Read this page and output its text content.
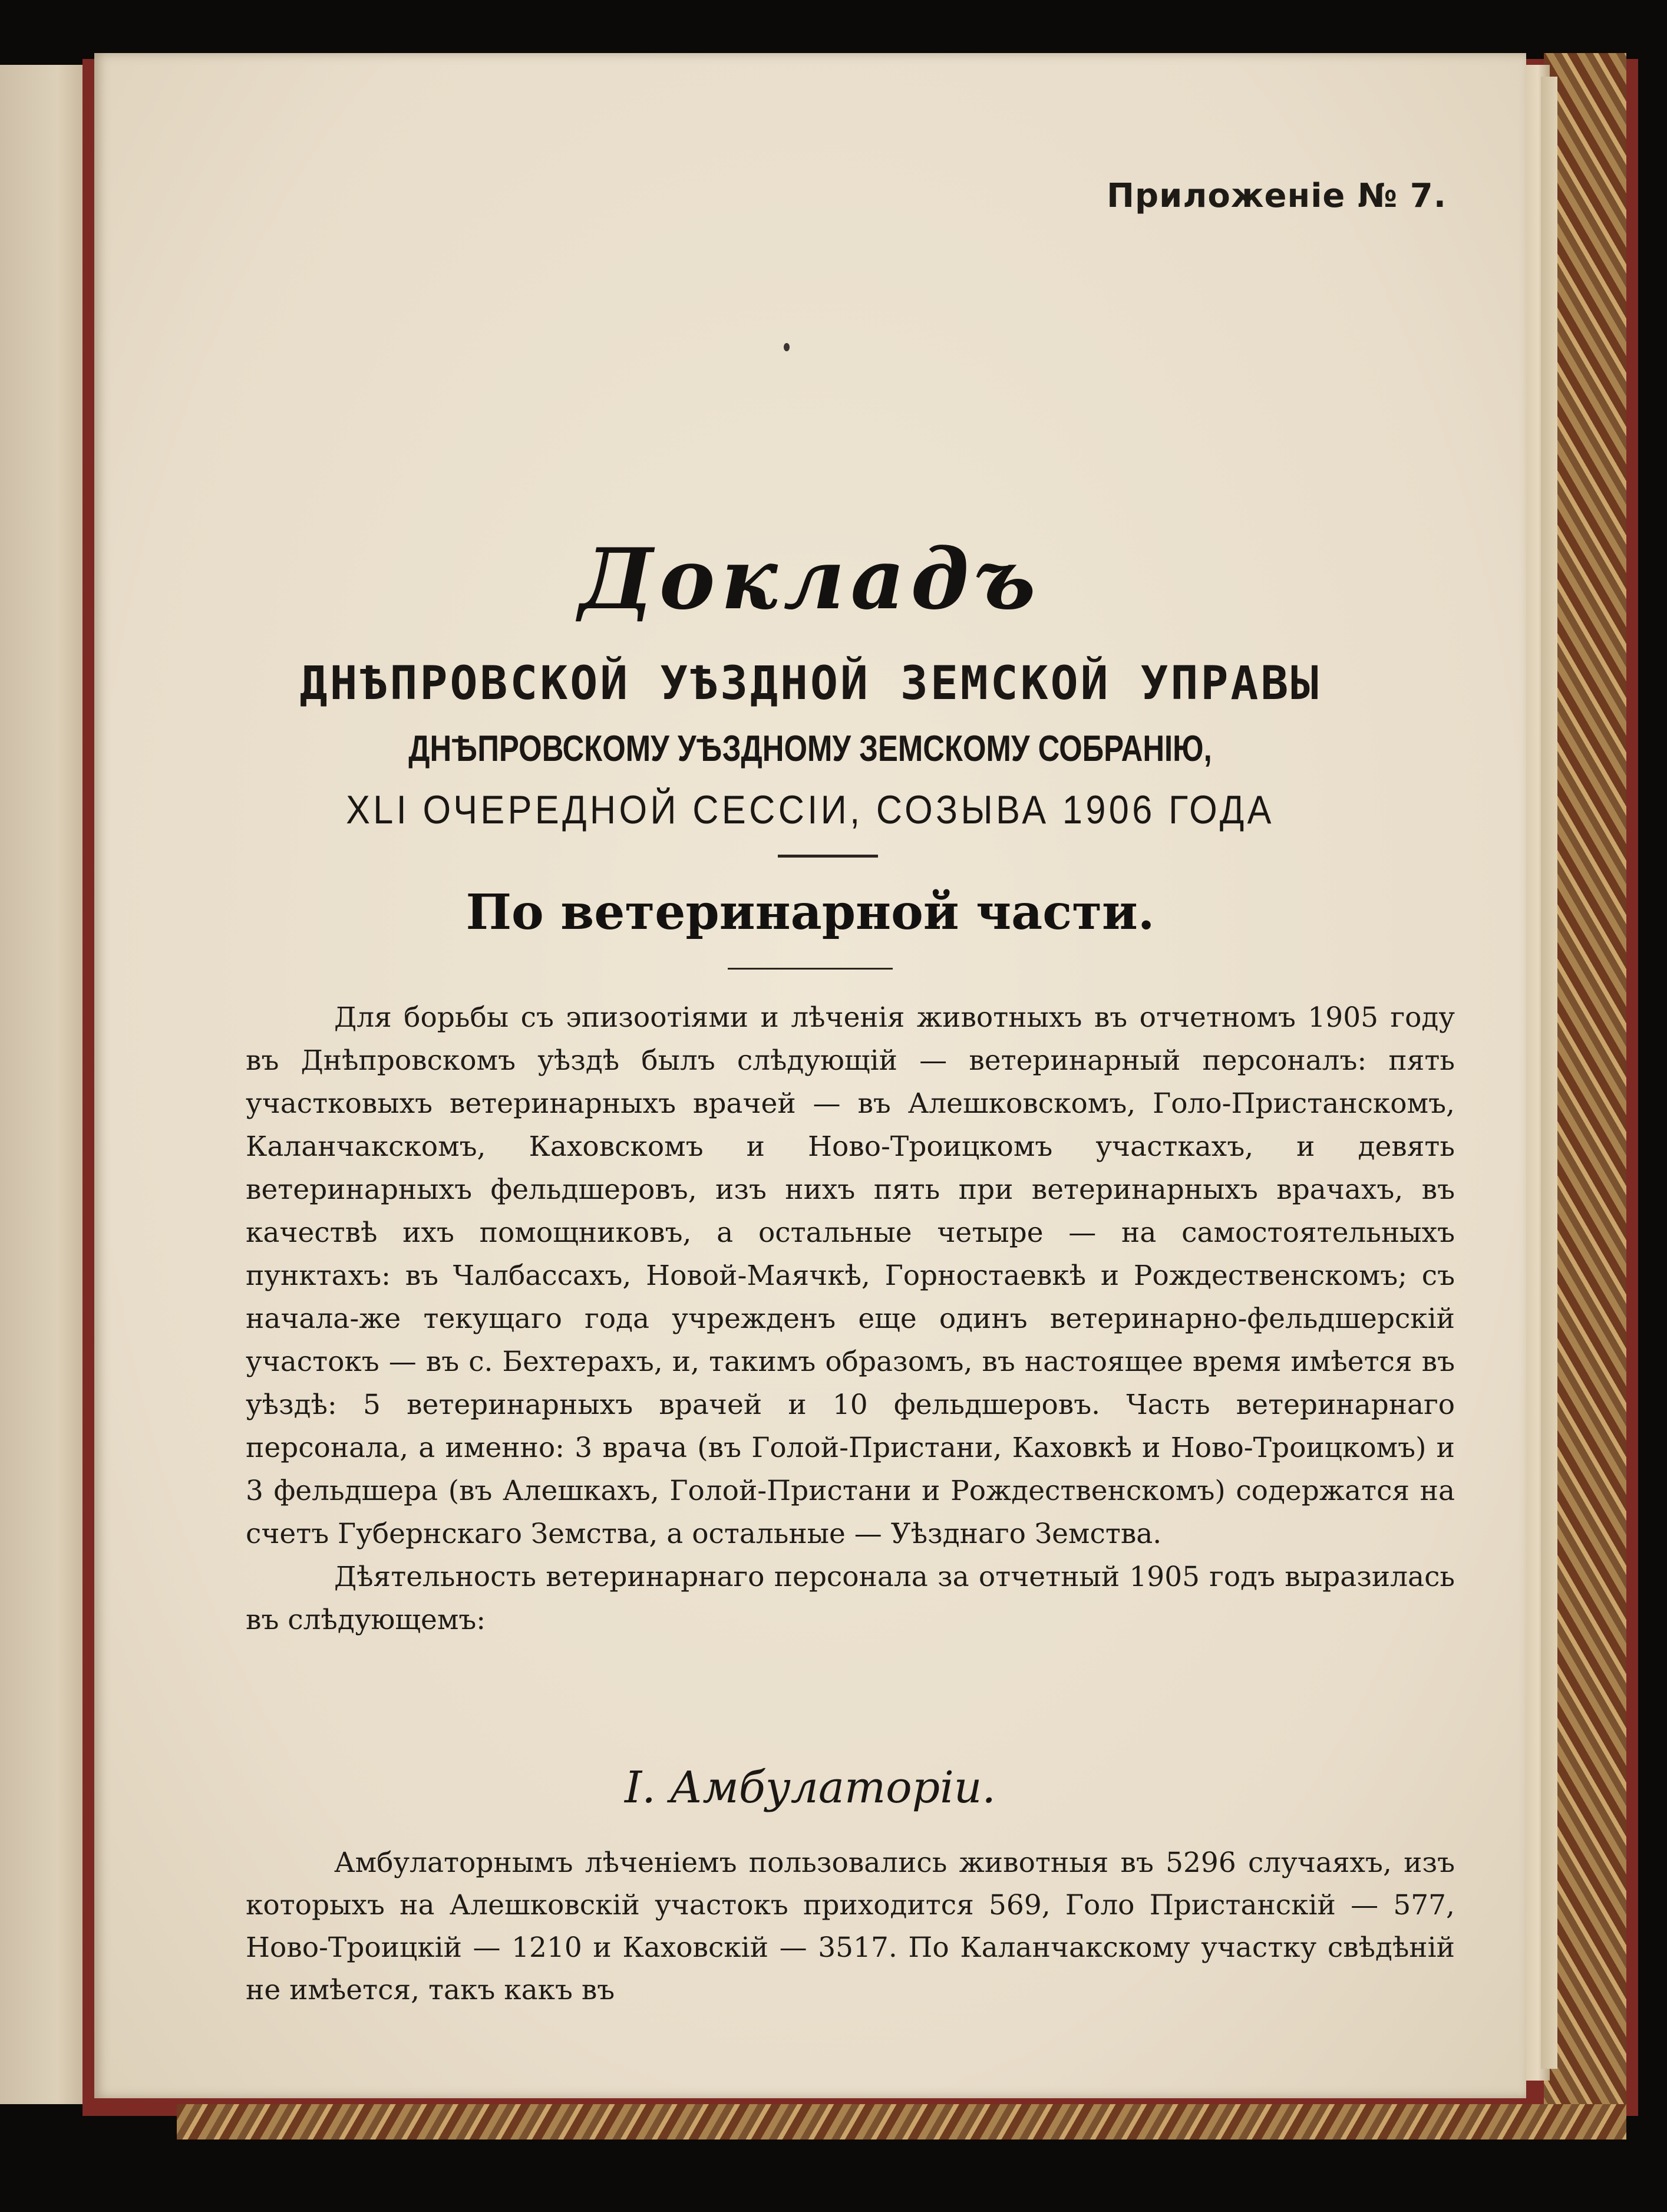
Приложеніе № 7.
Докладъ
ДНѢПРОВСКОЙ УѢЗДНОЙ ЗЕМСКОЙ УПРАВЫ
ДНѢПРОВСКОМУ УѢЗДНОМУ ЗЕМСКОМУ СОБРАНІЮ,
XLI ОЧЕРЕДНОЙ СЕССІИ, СОЗЫВА 1906 ГОДА
По ветеринарной части.

Для борьбы съ эпизоотіями и лѣченія животныхъ въ отчетномъ 1905 году въ Днѣпровскомъ уѣздѣ былъ слѣдующій — ветеринарный персоналъ: пять участковыхъ ветеринарныхъ врачей — въ Алешковскомъ, Голо-Пристанскомъ, Каланчакскомъ, Каховскомъ и Ново-Троицкомъ участкахъ, и девять ветеринарныхъ фельдшеровъ, изъ нихъ пять при ветеринарныхъ врачахъ, въ качествѣ ихъ помощниковъ, а остальные четыре — на самостоятельныхъ пунктахъ: въ Чалбассахъ, Новой-Маячкѣ, Горностаевкѣ и Рождественскомъ; съ начала-же текущаго года учрежденъ еще одинъ ветеринарно-фельдшерскій участокъ — въ с. Бехтерахъ, и, такимъ образомъ, въ настоящее время имѣется въ уѣздѣ: 5 ветеринарныхъ врачей и 10 фельдшеровъ. Часть ветеринарнаго персонала, а именно: 3 врача (въ Голой-Пристани, Каховкѣ и Ново-Троицкомъ) и 3 фельдшера (въ Алешкахъ, Голой-Пристани и Рождественскомъ) содержатся на счетъ Губернскаго Земства, а остальные — Уѣзднаго Земства.

Дѣятельность ветеринарнаго персонала за отчетный 1905 годъ выразилась въ слѣдующемъ:

I. Амбулаторіи.

Амбулаторнымъ лѣченіемъ пользовались животныя въ 5296 случаяхъ, изъ которыхъ на Алешковскій участокъ приходится 569, Голо Пристанскій — 577, Ново-Троицкій — 1210 и Каховскій — 3517. По Каланчакскому участку свѣдѣній не имѣется, такъ какъ въ
